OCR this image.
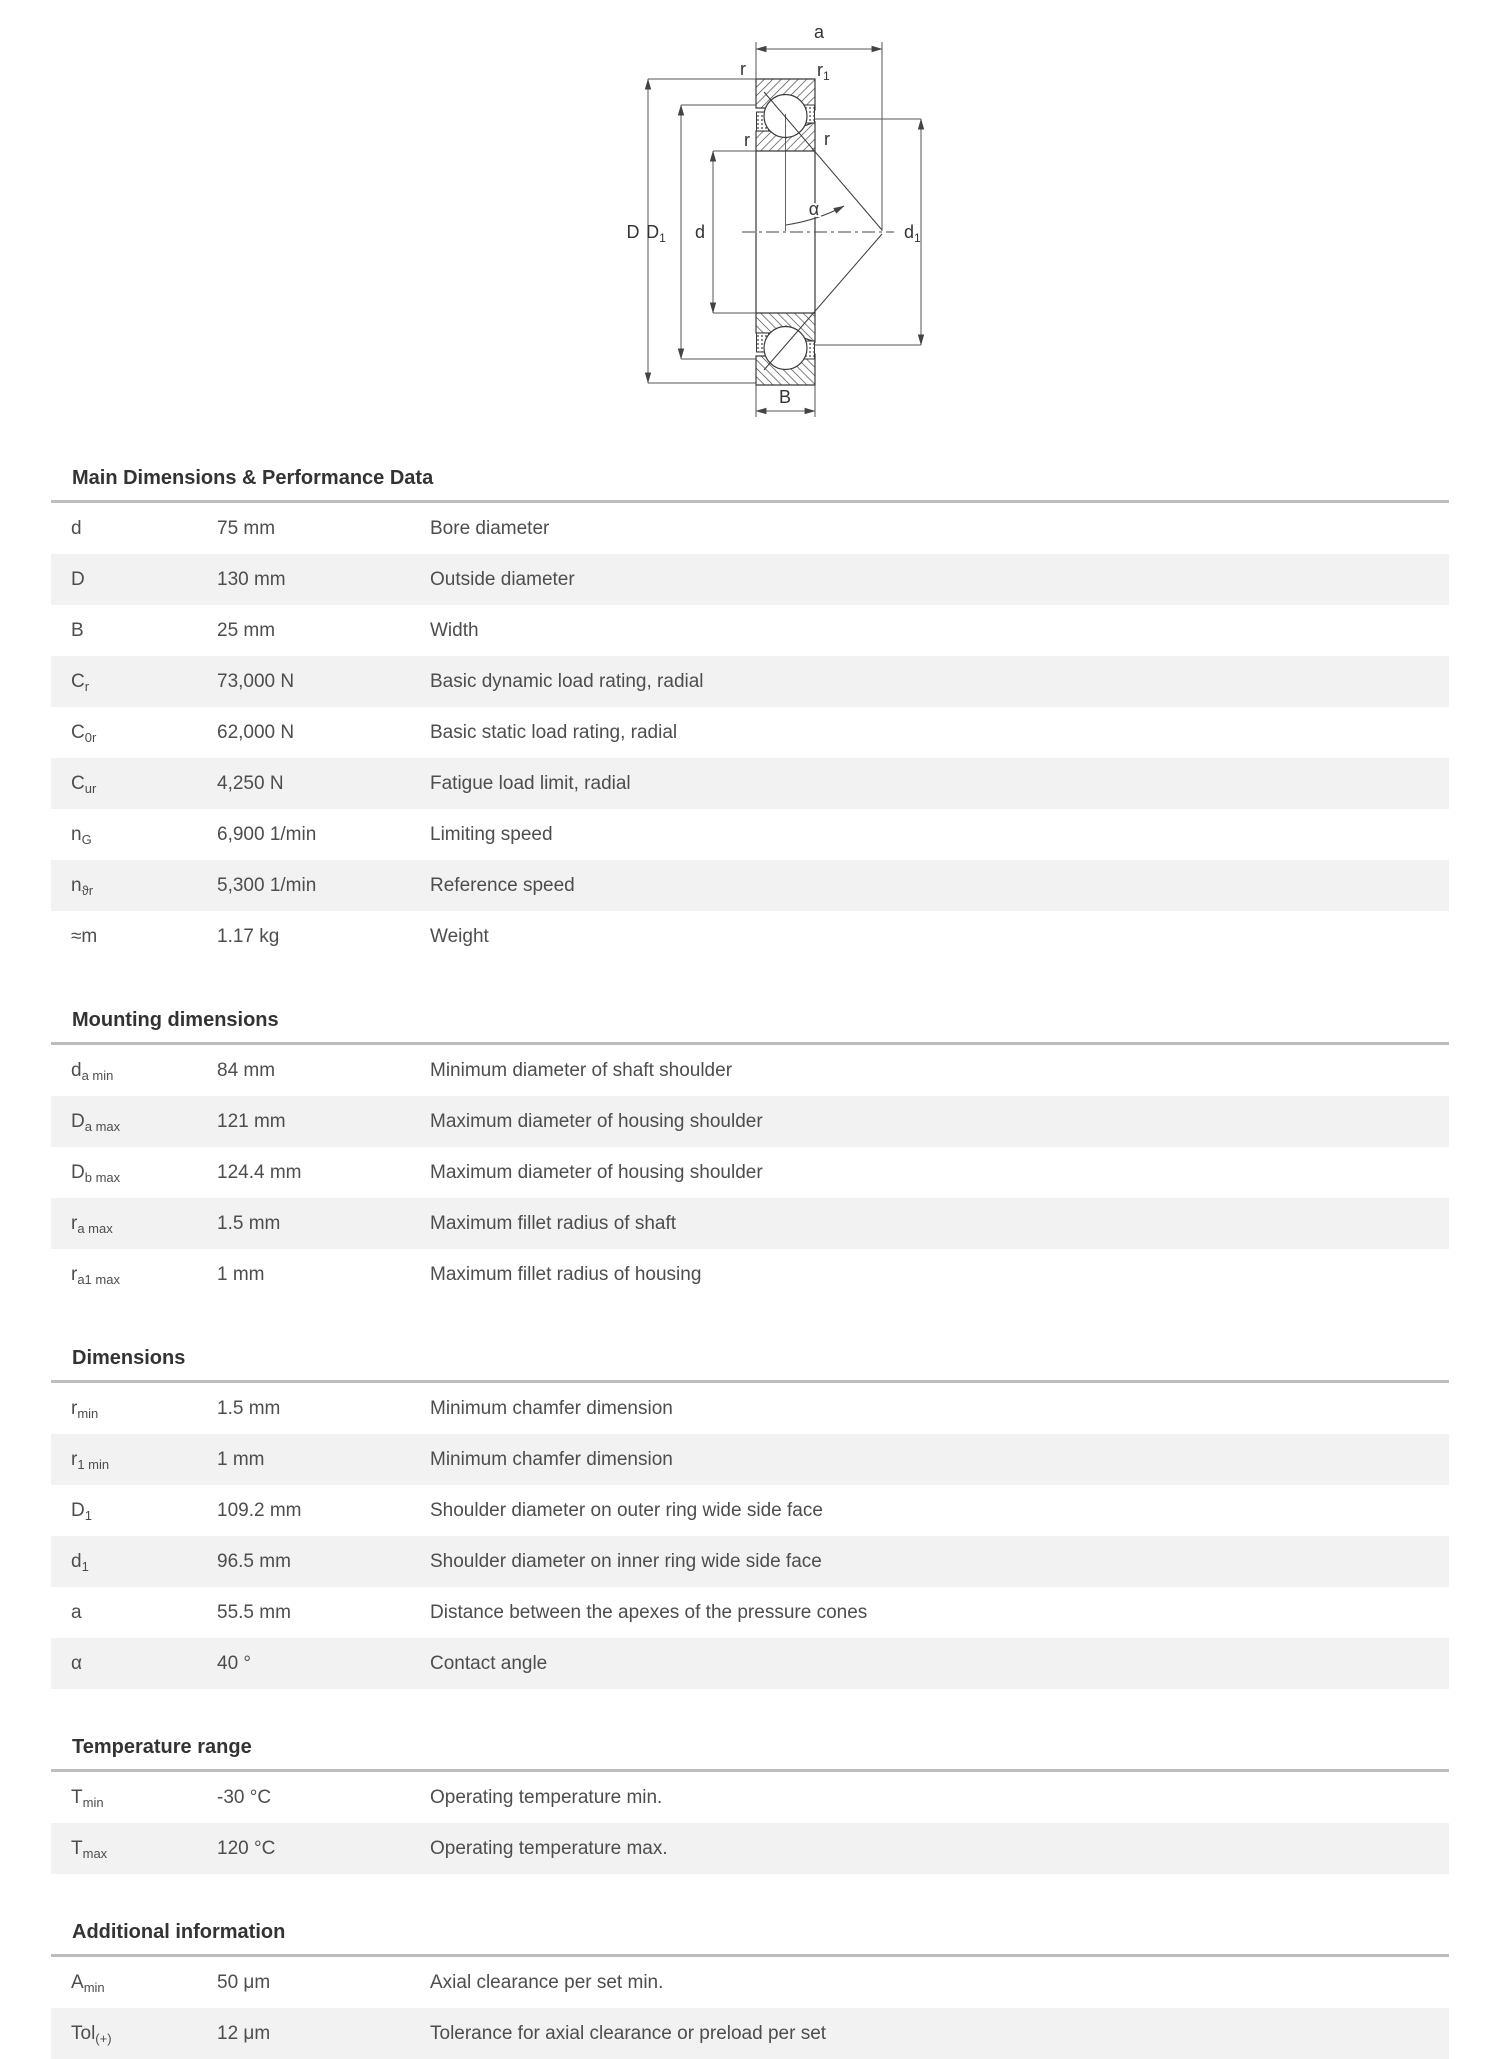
a
r	$r_1$
r	r
α
D $D_1$ d	$d_1$
B
Main Dimensions & Performance Data
d	75 mm	Bore diameter
D	130 mm	Outside diameter
B	25 mm	Width
$C_r$	73,000 N	Basic dynamic load rating, radial
$C_{0r}$	62,000 N	Basic static load rating, radial
$C_{ur}$	4,250 N	Fatigue load limit, radial
$n_G$	6,900 1/min	Limiting speed
$n_{ϑr}$	5,300 1/min	Reference speed
≈m	1.17 kg	Weight
Mounting dimensions
$d_{a min}$	84 mm	Minimum diameter of shaft shoulder
$D_{a max}$	121 mm	Maximum diameter of housing shoulder
$D_{b max}$	124.4 mm	Maximum diameter of housing shoulder
$r_{a max}$	1.5 mm	Maximum fillet radius of shaft
$r_{a1 max}$	1 mm	Maximum fillet radius of housing
Dimensions
$r_{min}$	1.5 mm	Minimum chamfer dimension
$r_{1 min}$	1 mm	Minimum chamfer dimension
$D_1$	109.2 mm	Shoulder diameter on outer ring wide side face
$d_1$	96.5 mm	Shoulder diameter on inner ring wide side face
a	55.5 mm	Distance between the apexes of the pressure cones
α	40 °	Contact angle
Temperature range
$T_{min}$	-30 °C	Operating temperature min.
$T_{max}$	120 °C	Operating temperature max.
Additional information
$A_{min}$	50 μm	Axial clearance per set min.
Tol$_{(+)}$	12 μm	Tolerance for axial clearance or preload per set
